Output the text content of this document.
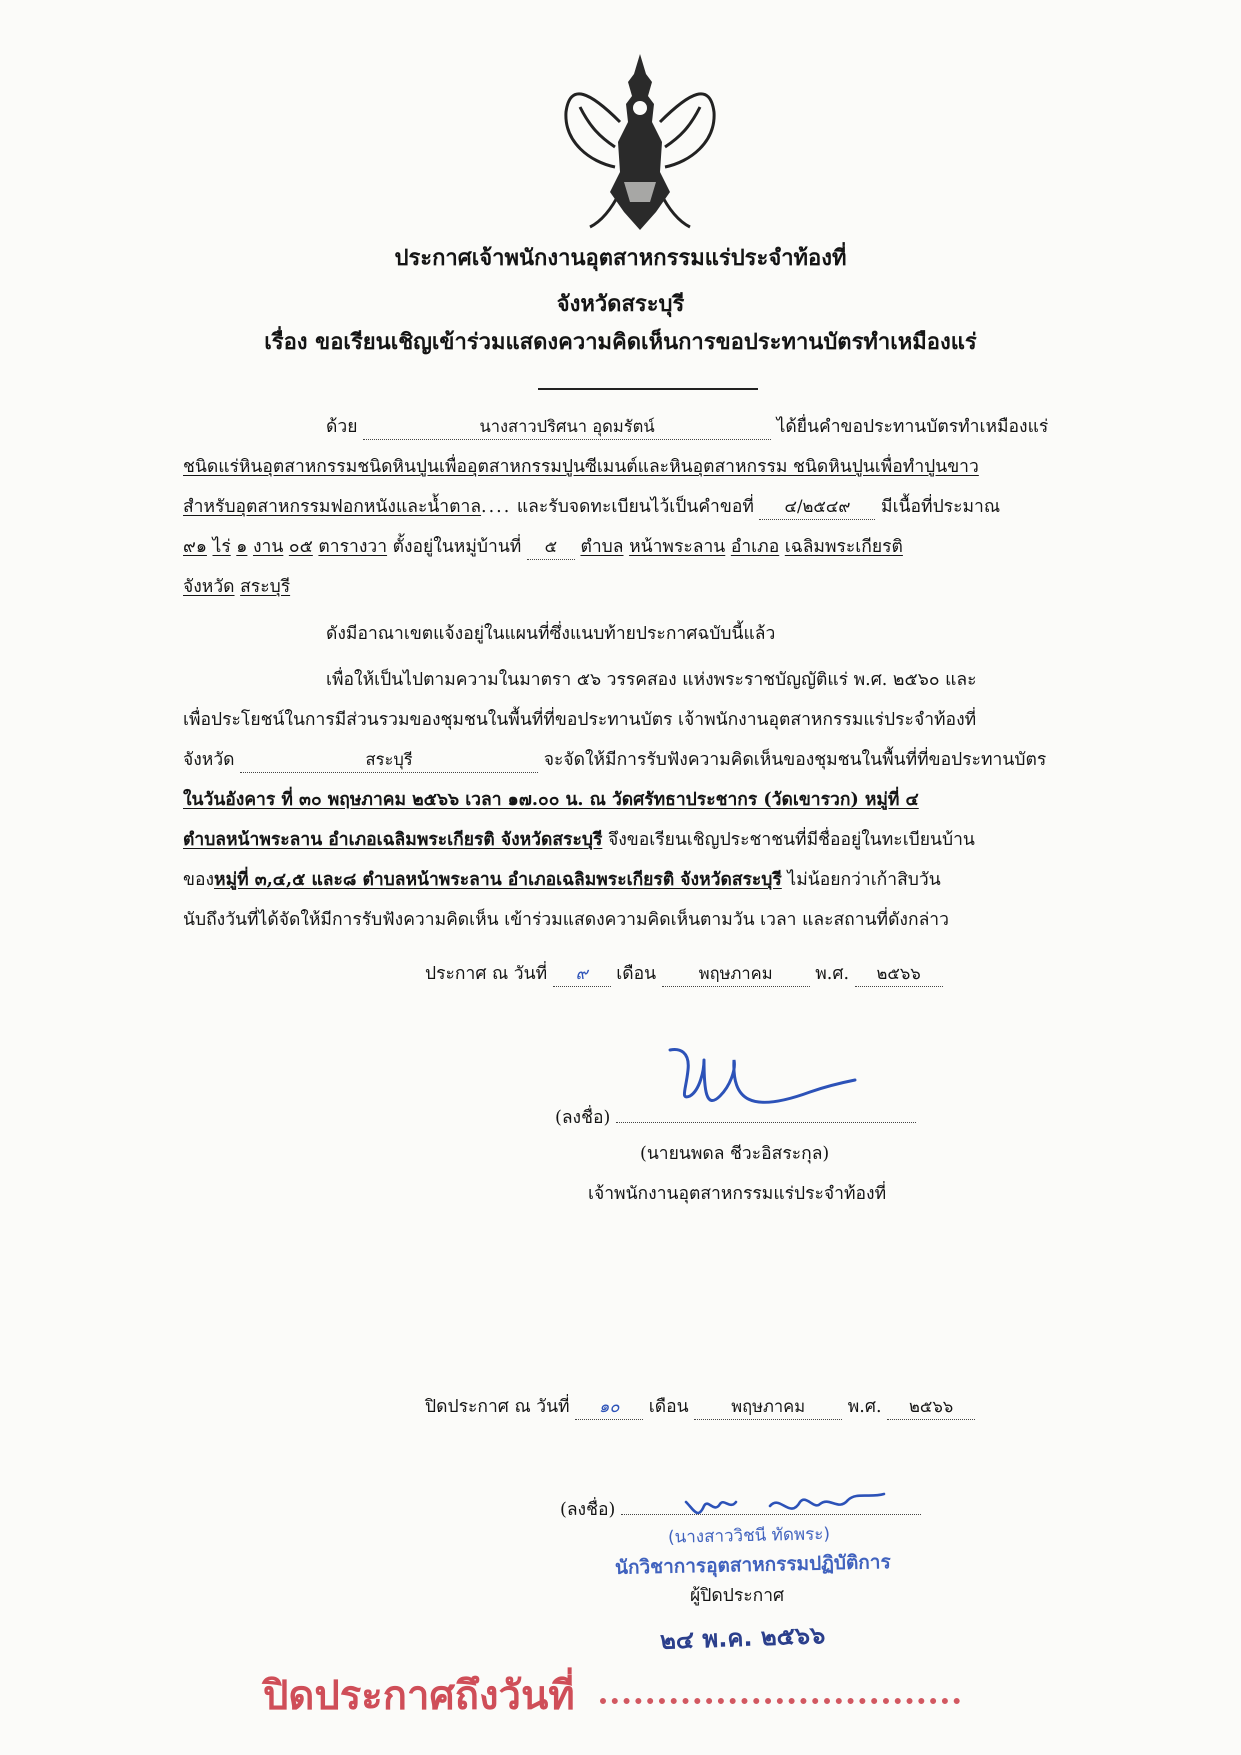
ประกาศเจ้าพนักงานอุตสาหกรรมแร่ประจำท้องที่
จังหวัดสระบุรี
เรื่อง ขอเรียนเชิญเข้าร่วมแสดงความคิดเห็นการขอประทานบัตรทำเหมืองแร่
ด้วย	นางสาวปริศนา อุดมรัตน์	ได้ยื่นคำขอประทานบัตรทำเหมืองแร่
ชนิดแร่หินอุตสาหกรรมชนิดหินปูนเพื่ออุตสาหกรรมปูนซีเมนต์และหินอุตสาหกรรม ชนิดหินปูนเพื่อทำปูนขาว
สำหรับอุตสาหกรรมฟอกหนังและน้ำตาล.... และรับจดทะเบียนไว้เป็นคำขอที่ ๔/๒๕๔๙ มีเนื้อที่ประมาณ
๙๑ ไร่ ๑ งาน ๐๕ ตารางวา ตั้งอยู่ในหมู่บ้านที่ ๕ ตำบล หน้าพระลาน อำเภอ เฉลิมพระเกียรติ
จังหวัด สระบุรี
ดังมีอาณาเขตแจ้งอยู่ในแผนที่ซึ่งแนบท้ายประกาศฉบับนี้แล้ว
เพื่อให้เป็นไปตามความในมาตรา ๕๖ วรรคสอง แห่งพระราชบัญญัติแร่ พ.ศ. ๒๕๖๐ และ
เพื่อประโยชน์ในการมีส่วนรวมของชุมชนในพื้นที่ที่ขอประทานบัตร เจ้าพนักงานอุตสาหกรรมแร่ประจำท้องที่
จังหวัด	สระบุรี	จะจัดให้มีการรับฟังความคิดเห็นของชุมชนในพื้นที่ที่ขอประทานบัตร
ในวันอังคาร ที่ ๓๐ พฤษภาคม ๒๕๖๖ เวลา ๑๗.๐๐ น. ณ วัดศรัทธาประชากร (วัดเขารวก) หมู่ที่ ๔
ตำบลหน้าพระลาน อำเภอเฉลิมพระเกียรติ จังหวัดสระบุรี จึงขอเรียนเชิญประชาชนที่มีชื่ออยู่ในทะเบียนบ้าน
ของหมู่ที่ ๓,๔,๕ และ๘ ตำบลหน้าพระลาน อำเภอเฉลิมพระเกียรติ จังหวัดสระบุรี ไม่น้อยกว่าเก้าสิบวัน
นับถึงวันที่ได้จัดให้มีการรับฟังความคิดเห็น เข้าร่วมแสดงความคิดเห็นตามวัน เวลา และสถานที่ดังกล่าว
ประกาศ ณ วันที่ ๙ เดือน	พฤษภาคม พ.ศ. ๒๕๖๖
(ลงชื่อ)
(นายนพดล ชีวะอิสระกุล)
เจ้าพนักงานอุตสาหกรรมแร่ประจำท้องที่
ปิดประกาศ ณ วันที่ ๑๐ เดือน	พฤษภาคม พ.ศ. ๒๕๖๖
(ลงชื่อ)
(นางสาววิชนี ทัดพระ)
นักวิชาการอุตสาหกรรมปฏิบัติการ
ผู้ปิดประกาศ
๒๔ พ.ค. ๒๕๖๖
ปิดประกาศถึงวันที่
